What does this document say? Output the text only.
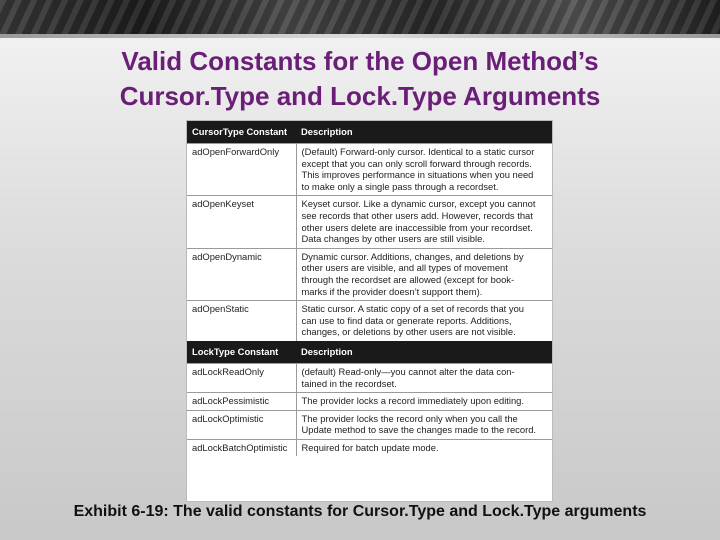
Valid Constants for the Open Method’s
Cursor.Type and Lock.Type Arguments
CursorType Constant	Description
adOpenForwardOnly	(Default) Forward-only cursor. Identical to a static cursor
except that you can only scroll forward through records.
This improves performance in situations when you need
to make only a single pass through a recordset.
adOpenKeyset	Keyset cursor. Like a dynamic cursor, except you cannot
see records that other users add. However, records that
other users delete are inaccessible from your recordset.
Data changes by other users are still visible.
adOpenDynamic	Dynamic cursor. Additions, changes, and deletions by
other users are visible, and all types of movement
through the recordset are allowed (except for book-
marks if the provider doesn’t support them).
adOpenStatic	Static cursor. A static copy of a set of records that you
can use to find data or generate reports. Additions,
changes, or deletions by other users are not visible.
LockType Constant	Description
adLockReadOnly	(default) Read-only—you cannot alter the data con-
tained in the recordset.
adLockPessimistic	The provider locks a record immediately upon editing.
adLockOptimistic	The provider locks the record only when you call the
Update method to save the changes made to the record.
adLockBatchOptimistic	Required for batch update mode.
Exhibit 6-19: The valid constants for Cursor.Type and Lock.Type arguments
